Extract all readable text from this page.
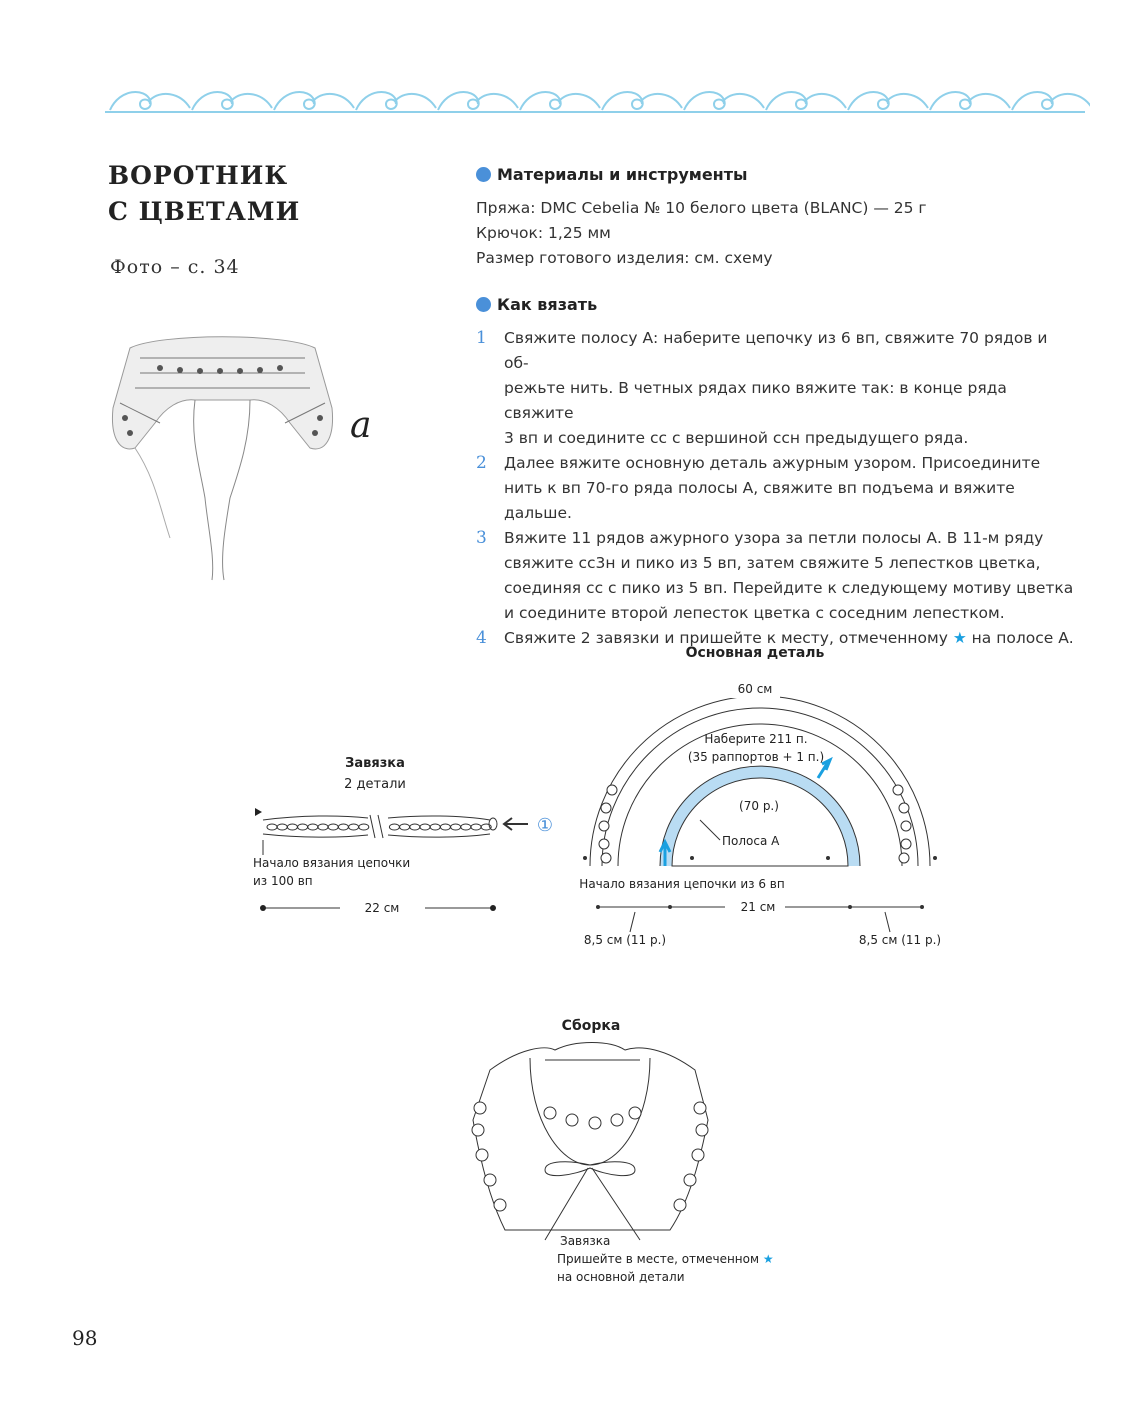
ВОРОТНИК
С ЦВЕТАМИ
Фото – с. 34
a
Материалы и инструменты
Пряжа: DMC Cebelia № 10 белого цвета (BLANC) — 25 г
Крючок: 1,25 мм
Размер готового изделия: см. схему
Как вязать
1	Свяжите полосу А: наберите цепочку из 6 вп, свяжите 70 рядов и об-
режьте нить. В четных рядах пико вяжите так: в конце ряда свяжите
3 вп и соедините сс с вершиной ссн предыдущего ряда.
2	Далее вяжите основную деталь ажурным узором. Присоедините
нить к вп 70-го ряда полосы А, свяжите вп подъема и вяжите дальше.
3	Вяжите 11 рядов ажурного узора за петли полосы А. В 11-м ряду
свяжите сс3н и пико из 5 вп, затем свяжите 5 лепестков цветка,
соединяя сс с пико из 5 вп. Перейдите к следующему мотиву цветка
и соедините второй лепесток цветка с соседним лепестком.
4	Свяжите 2 завязки и пришейте к месту, отмеченному ★ на полосе А.
Основная деталь
60 см
Наберите 211 п.
(35 раппортов + 1 п.)
(70 р.)
Полоса А
Начало вязания цепочки из 6 вп
21 см
8,5 см (11 р.)	8,5 см (11 р.)
Завязка
2 детали
①
Начало вязания цепочки
из 100 вп
22 см
Сборка
Завязка
Пришейте в месте, отмеченном ★
на основной детали
98
